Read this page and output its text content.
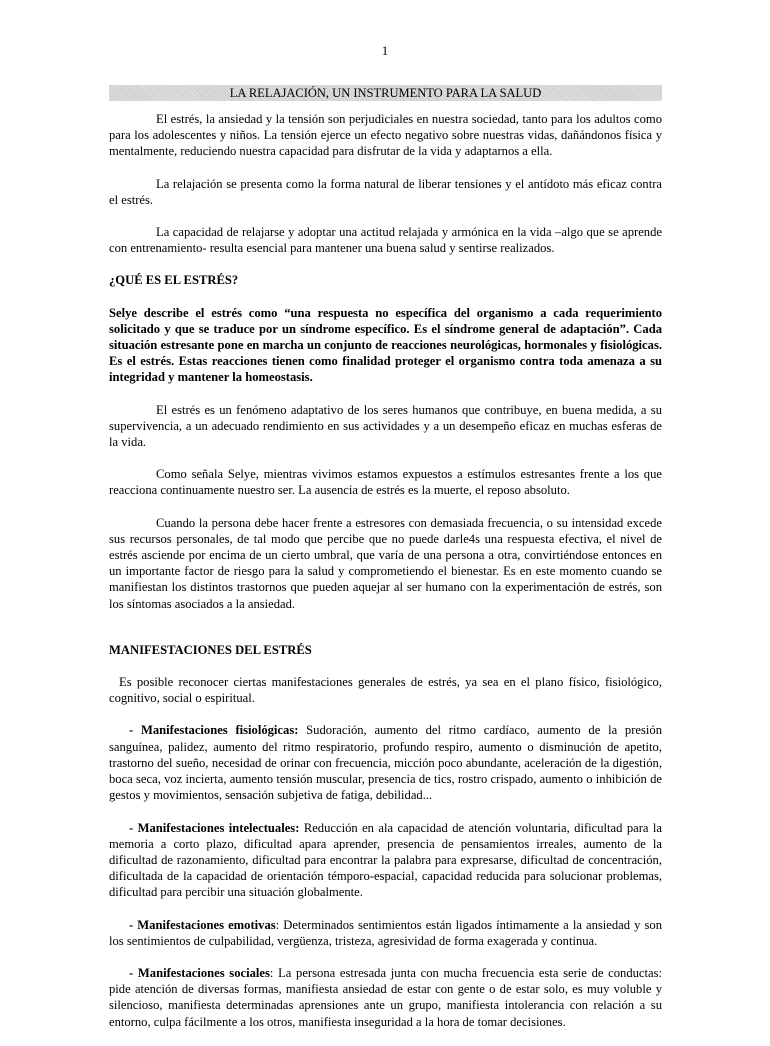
1
LA RELAJACIÓN, UN INSTRUMENTO PARA LA SALUD

El estrés, la ansiedad y la tensión son perjudiciales en nuestra sociedad, tanto para los adultos como para los adolescentes y niños. La tensión ejerce un efecto negativo sobre nuestras vidas, dañándonos física y mentalmente, reduciendo nuestra capacidad para disfrutar de la vida y adaptarnos a ella.

La relajación se presenta como la forma natural de liberar tensiones y el antídoto más eficaz contra el estrés.

La capacidad de relajarse y adoptar una actitud relajada y armónica en la vida –algo que se aprende con entrenamiento- resulta esencial para mantener una buena salud y sentirse realizados.

¿QUÉ ES EL ESTRÉS?

Selye describe el estrés como “una respuesta no específica del organismo a cada requerimiento solicitado y que se traduce por un síndrome específico. Es el síndrome general de adaptación”. Cada situación estresante pone en marcha un conjunto de reacciones neurológicas, hormonales y fisiológicas. Es el estrés. Estas reacciones tienen como finalidad proteger el organismo contra toda amenaza a su integridad y mantener la homeostasis.

El estrés es un fenómeno adaptativo de los seres humanos que contribuye, en buena medida, a su supervivencia, a un adecuado rendimiento en sus actividades y a un desempeño eficaz en muchas esferas de la vida.

Como señala Selye, mientras vivimos estamos expuestos a estímulos estresantes frente a los que reacciona continuamente nuestro ser. La ausencia de estrés es la muerte, el reposo absoluto.

Cuando la persona debe hacer frente a estresores con demasiada frecuencia, o su intensidad excede sus recursos personales, de tal modo que percibe que no puede darle4s una respuesta efectiva, el nivel de estrés asciende por encima de un cierto umbral, que varía de una persona a otra, convirtiéndose entonces en un importante factor de riesgo para la salud y comprometiendo el bienestar. Es en este momento cuando se manifiestan los distintos trastornos que pueden aquejar al ser humano con la experimentación de estrés, son los síntomas asociados a la ansiedad.

MANIFESTACIONES DEL ESTRÉS

Es posible reconocer ciertas manifestaciones generales de estrés, ya sea en el plano físico, fisiológico, cognitivo, social o espiritual.

- Manifestaciones fisiológicas: Sudoración, aumento del ritmo cardíaco, aumento de la presión sanguínea, palidez, aumento del ritmo respiratorio, profundo respiro, aumento o disminución de apetito, trastorno del sueño, necesidad de orinar con frecuencia, micción poco abundante, aceleración de la digestión, boca seca, voz incierta, aumento tensión muscular, presencia de tics, rostro crispado, aumento o inhibición de gestos y movimientos, sensación subjetiva de fatiga, debilidad...

- Manifestaciones intelectuales: Reducción en ala capacidad de atención voluntaria, dificultad para la memoria a corto plazo, dificultad apara aprender, presencia de pensamientos irreales, aumento de la dificultad de razonamiento, dificultad para encontrar la palabra para expresarse, dificultad de concentración, dificultada de la capacidad de orientación témporo-espacial, capacidad reducida para solucionar problemas, dificultad para percibir una situación globalmente.

- Manifestaciones emotivas: Determinados sentimientos están ligados íntimamente a la ansiedad y son los sentimientos de culpabilidad, vergüenza, tristeza, agresividad de forma exagerada y continua.

- Manifestaciones sociales: La persona estresada junta con mucha frecuencia esta serie de conductas: pide atención de diversas formas, manifiesta ansiedad de estar con gente o de estar solo, es muy voluble y silencioso, manifiesta determinadas aprensiones ante un grupo, manifiesta intolerancia con relación a su entorno, culpa fácilmente a los otros, manifiesta inseguridad a la hora de tomar decisiones.
